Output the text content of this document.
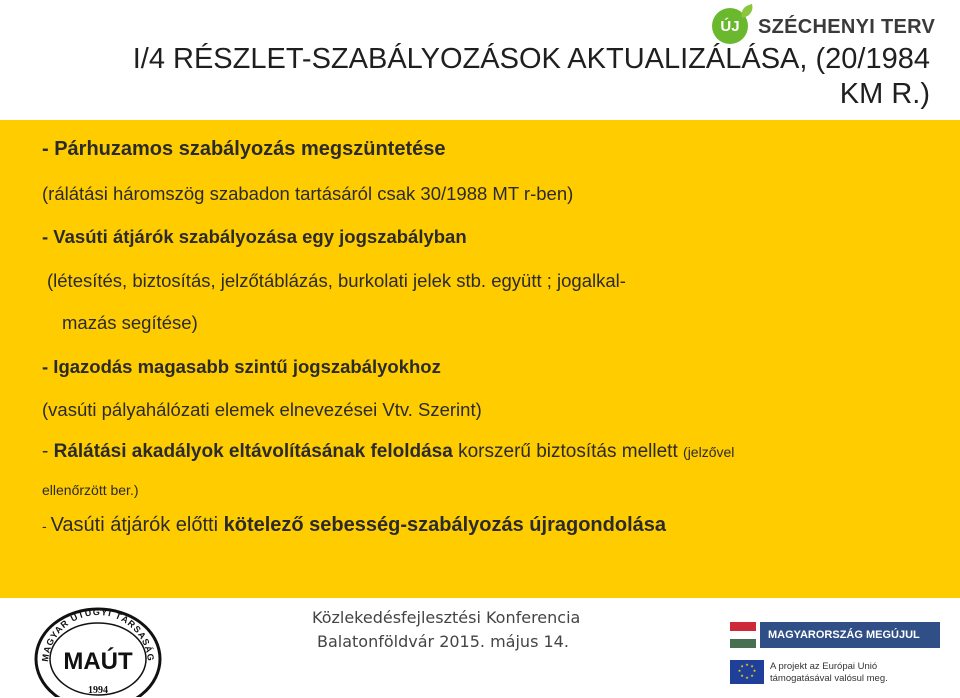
ÚJ SZÉCHENYI TERV
I/4 RÉSZLET-SZABÁLYOZÁSOK AKTUALIZÁLÁSA, (20/1984
KM R.)
- Párhuzamos szabályozás megszüntetése
(rálátási háromszög szabadon tartásáról csak 30/1988 MT r-ben)
- Vasúti átjárók szabályozása egy jogszabályban
(létesítés, biztosítás, jelzőtáblázás, burkolati jelek stb. együtt ; jogalkal-
mazás segítése)
- Igazodás magasabb szintű jogszabályokhoz
(vasúti pályahálózati elemek elnevezései Vtv. Szerint)
- Rálátási akadályok eltávolításának feloldása korszerű biztosítás mellett (jelzővel
ellenőrzött ber.)
- Vasúti átjárók előtti kötelező sebesség-szabályozás újragondolása
MAGYAR ÚTÜGYI TÁRSASÁG
MAÚT
1994
Közlekedésfejlesztési Konferencia
Balatonföldvár 2015. május 14.	MAGYARORSZÁG MEGÚJUL
★ ★
★
★
★
★
★
★	A projekt az Európai Unió
támogatásával valósul meg.
